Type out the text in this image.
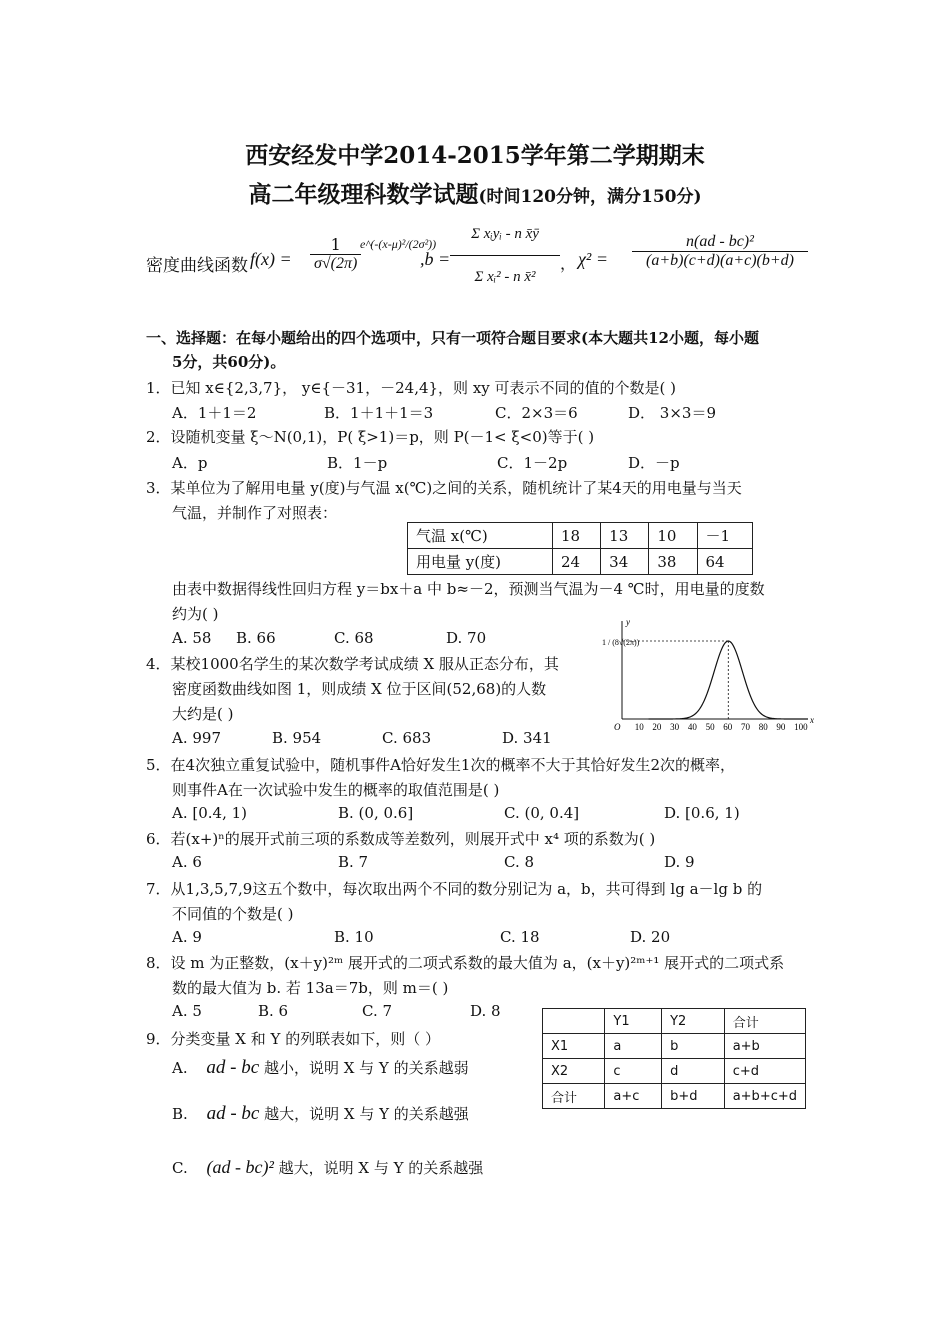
西安经发中学2014-2015学年第二学期期末
高二年级理科数学试题(时间120分钟，满分150分)
密度曲线函数 $f(x) = \frac{1}{\sigma√(2\pi)}$
e^(-(x-μ)²/(2σ²))
$,b = \frac{\text{Σ xᵢyᵢ - n x̄ȳ}}{\text{Σ xᵢ² - n x̄²}}$ ， $\chi^2 = \frac{\text{n(ad - bc)²}}{(a+b)(c+d)(a+c)(b+d)}$
一、选择题：在每小题给出的四个选项中，只有一项符合题目要求(本大题共12小题，每小题
5分，共60分)。
1．已知 x∈{2,3,7}， y∈{－31，－24,4}，则 xy 可表示不同的值的个数是( )
A．1＋1＝2	B．1＋1＋1＝3	C．2×3＝6	D． 3×3＝9
2．设随机变量 ξ～N(0,1)，P( ξ>1)＝p，则 P(－1< ξ<0)等于( )
A．p	B．1－p	C．1－2p	D．－p
3．某单位为了解用电量 y(度)与气温 x(℃)之间的关系，随机统计了某4天的用电量与当天
气温，并制作了对照表：
气温 x(℃)	18	13	10	－1
用电量 y(度)	24	34	38	64
由表中数据得线性回归方程 y＝bx＋a 中 b≈－2，预测当气温为－4 ℃时，用电量的度数
约为( )
A. 58 B. 66	C. 68	D. 70
4．某校1000名学生的某次数学考试成绩 X 服从正态分布，其
密度函数曲线如图 1，则成绩 X 位于区间(52,68)的人数
大约是( )
A. 997	B. 954	C. 683	D. 341
x
y
1 / (8√(2π))
O 10 20 30 40 50 60 70 80 90 100
5．在4次独立重复试验中，随机事件A恰好发生1次的概率不大于其恰好发生2次的概率，
则事件A在一次试验中发生的概率的取值范围是( )
A. [0.4, 1)	B. (0, 0.6]	C. (0, 0.4]	D. [0.6, 1)
6．若(x+)ⁿ的展开式前三项的系数成等差数列，则展开式中 x⁴ 项的系数为( )
A. 6	B. 7	C. 8	D. 9
7．从1,3,5,7,9这五个数中，每次取出两个不同的数分别记为 a，b，共可得到 lg a－lg b 的
不同值的个数是( )
A. 9	B. 10	C. 18	D. 20
8．设 m 为正整数，(x＋y)²ᵐ 展开式的二项式系数的最大值为 a，(x＋y)²ᵐ⁺¹ 展开式的二项式系
数的最大值为 b. 若 13a＝7b，则 m＝( )
A. 5	B. 6	C. 7	D. 8
9．分类变量 X 和 Y 的列联表如下，则（ ）
	Y1	Y2	合计
X1	a	b	a+b
X2	c	d	c+d
合计	a+c	b+d	a+b+c+d
A. ad - bc 越小，说明 X 与 Y 的关系越弱
B. ad - bc 越大，说明 X 与 Y 的关系越强
C. (ad - bc)² 越大，说明 X 与 Y 的关系越强
